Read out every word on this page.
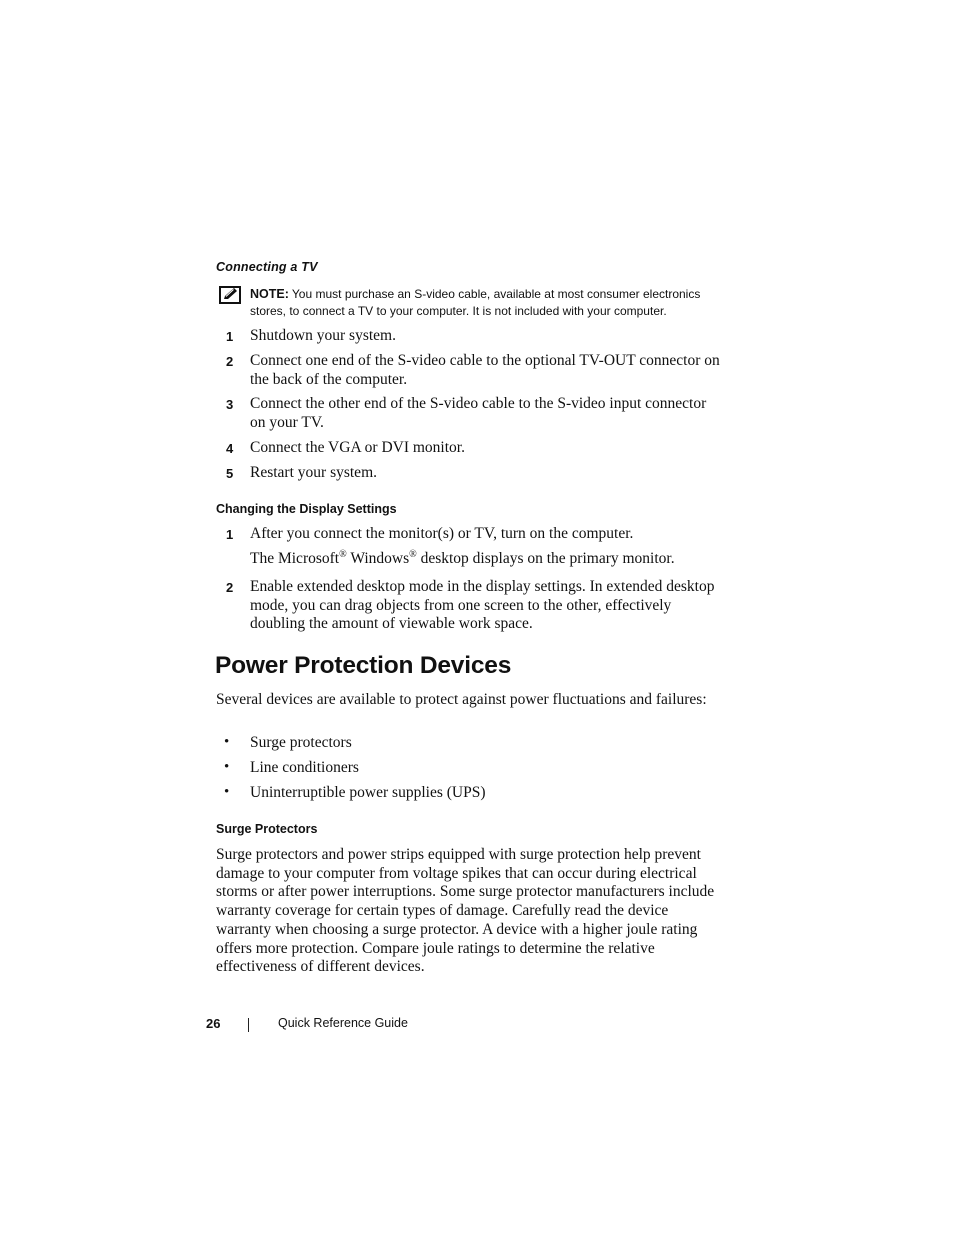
Connecting a TV
NOTE: You must purchase an S-video cable, available at most consumer electronics stores, to connect a TV to your computer. It is not included with your computer.
1 Shutdown your system.
2 Connect one end of the S-video cable to the optional TV-OUT connector on the back of the computer.
3 Connect the other end of the S-video cable to the S-video input connector on your TV.
4 Connect the VGA or DVI monitor.
5 Restart your system.
Changing the Display Settings
1 After you connect the monitor(s) or TV, turn on the computer.
The Microsoft® Windows® desktop displays on the primary monitor.
2 Enable extended desktop mode in the display settings. In extended desktop mode, you can drag objects from one screen to the other, effectively doubling the amount of viewable work space.
Power Protection Devices
Several devices are available to protect against power fluctuations and failures:
• Surge protectors
• Line conditioners
• Uninterruptible power supplies (UPS)
Surge Protectors
Surge protectors and power strips equipped with surge protection help prevent damage to your computer from voltage spikes that can occur during electrical storms or after power interruptions. Some surge protector manufacturers include warranty coverage for certain types of damage. Carefully read the device warranty when choosing a surge protector. A device with a higher joule rating offers more protection. Compare joule ratings to determine the relative effectiveness of different devices.
26	Quick Reference Guide
